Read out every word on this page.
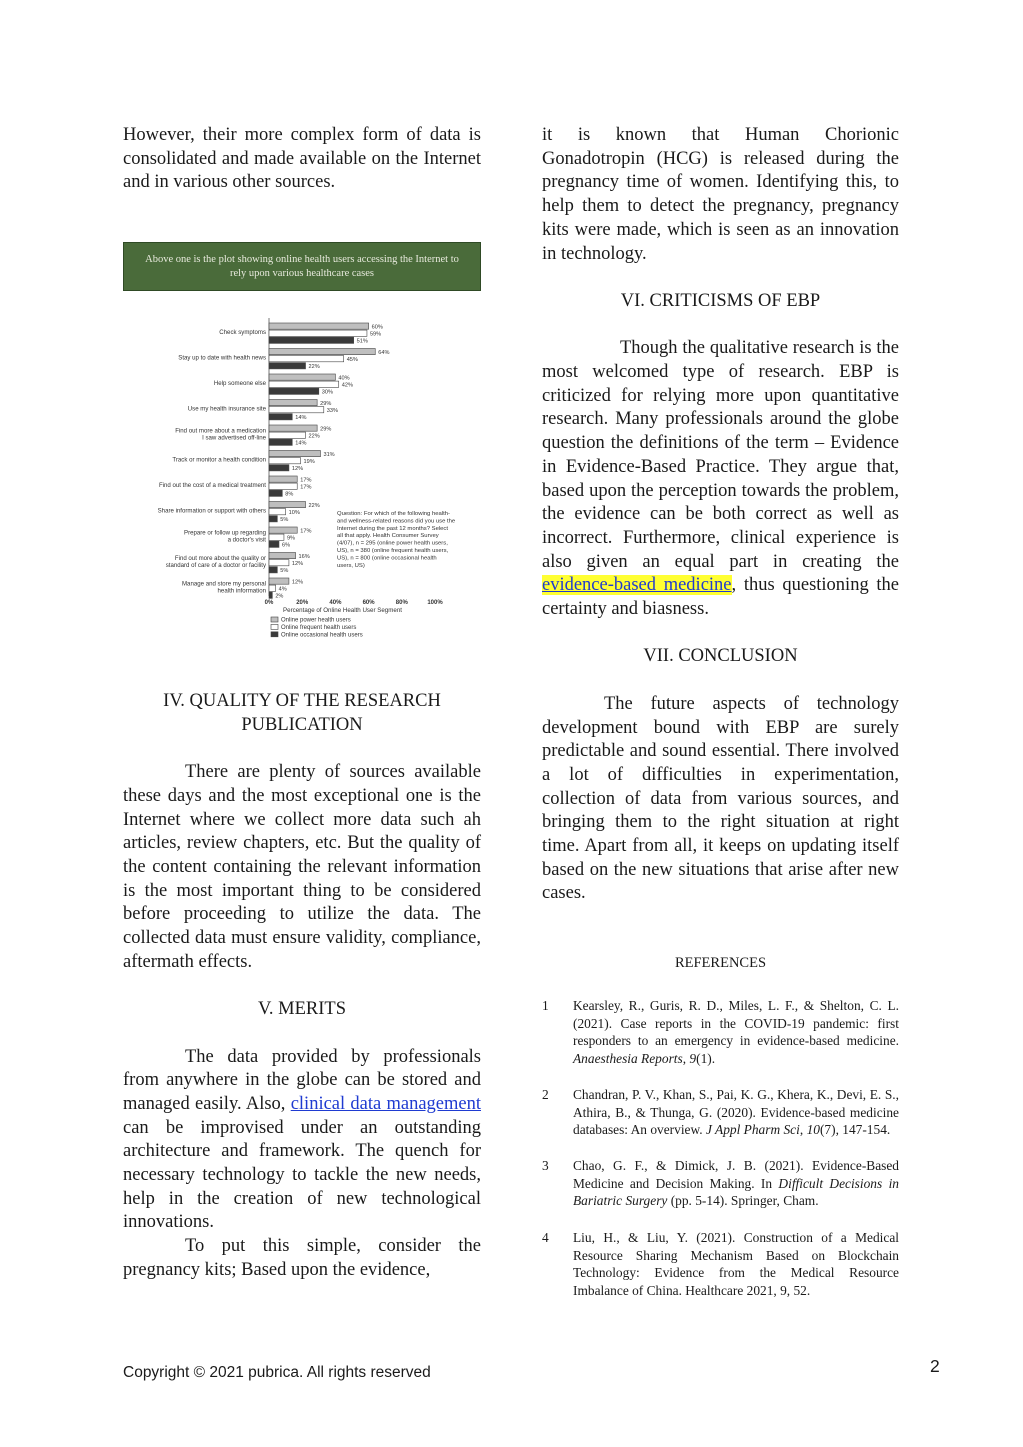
However, their more complex form of data is consolidated and made available on the Internet and in various other sources.

Above one is the plot showing online health users accessing the Internet to rely upon various healthcare cases
Check symptoms
60%
59%
51%
Stay up to date with health news
64%
45%
22%
Help someone else
40%
42%
30%
Use my health insurance site
29%
33%
14%
Find out more about a medication
I saw advertised off-line
29%
22%
14%
Track or monitor a health condition
31%
19%
12%
Find out the cost of a medical treatment
17%
17%
8%
Share information or support with others
22%
10%
5%
Prepare or follow up regarding
a doctor's visit
17%
9%
6%
Find out more about the quality or
standard of care of a doctor or facility
16%
12%
5%
Manage and store my personal
health information
12%
4%
2%
0%	20%	40%	60%	80%	100%
Percentage of Online Health User Segment
Online power health users
Online frequent health users
Online occasional health users
Question: For which of the following health-
and wellness-related reasons did you use the
Internet during the past 12 months? Select
all that apply. Health Consumer Survey
(4/07), n = 295 (online power health users,
US), n = 380 (online frequent health users,
US), n = 800 (online occasional health
users, US)

IV. QUALITY OF THE RESEARCH

PUBLICATION

There are plenty of sources available these days and the most exceptional one is the Internet where we collect more data such ah articles, review chapters, etc. But the quality of the content containing the relevant information is the most important thing to be considered before proceeding to utilize the data. The collected data must ensure validity, compliance, aftermath effects.

V. MERITS

The data provided by professionals from anywhere in the globe can be stored and managed easily. Also, clinical data management can be improvised under an outstanding architecture and framework. The quench for necessary technology to tackle the new needs, help in the creation of new technological innovations.

To put this simple, consider the pregnancy kits; Based upon the evidence,

it is known that Human Chorionic Gonadotropin (HCG) is released during the pregnancy time of women. Identifying this, to help them to detect the pregnancy, pregnancy kits were made, which is seen as an innovation in technology.

VI. CRITICISMS OF EBP

Though the qualitative research is the most welcomed type of research. EBP is criticized for relying more upon quantitative research. Many professionals around the globe question the definitions of the term – Evidence in Evidence-Based Practice. They argue that, based upon the perception towards the problem, the evidence can be both correct as well as incorrect. Furthermore, clinical experience is also given an equal part in creating the evidence-based medicine, thus questioning the certainty and biasness.

VII. CONCLUSION

The future aspects of technology development bound with EBP are surely predictable and sound essential. There involved a lot of difficulties in experimentation, collection of data from various sources, and bringing them to the right situation at right time. Apart from all, it keeps on updating itself based on the new situations that arise after new cases.

REFERENCES
1 Kearsley, R., Guris, R. D., Miles, L. F., & Shelton, C. L. (2021). Case reports in the COVID-19 pandemic: first responders to an emergency in evidence-based medicine. Anaesthesia Reports, 9(1).
2 Chandran, P. V., Khan, S., Pai, K. G., Khera, K., Devi, E. S., Athira, B., & Thunga, G. (2020). Evidence-based medicine databases: An overview. J Appl Pharm Sci, 10(7), 147-154.
3 Chao, G. F., & Dimick, J. B. (2021). Evidence-Based Medicine and Decision Making. In Difficult Decisions in Bariatric Surgery (pp. 5-14). Springer, Cham.
4 Liu, H., & Liu, Y. (2021). Construction of a Medical Resource Sharing Mechanism Based on Blockchain Technology: Evidence from the Medical Resource Imbalance of China. Healthcare 2021, 9, 52.
Copyright © 2021 pubrica. All rights reserved	2
